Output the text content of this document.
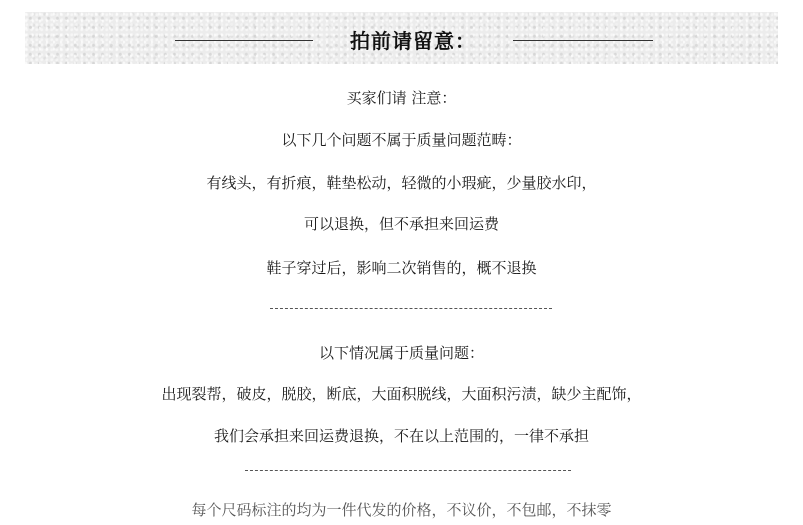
拍前请留意：
买家们请 注意：
以下几个问题不属于质量问题范畴：
有线头，有折痕，鞋垫松动，轻微的小瑕疵，少量胶水印，
可以退换，但不承担来回运费
鞋子穿过后，影响二次销售的，概不退换
以下情况属于质量问题：
出现裂帮，破皮，脱胶，断底，大面积脱线，大面积污渍，缺少主配饰，
我们会承担来回运费退换，不在以上范围的，一律不承担
每个尺码标注的均为一件代发的价格，不议价，不包邮，不抹零
